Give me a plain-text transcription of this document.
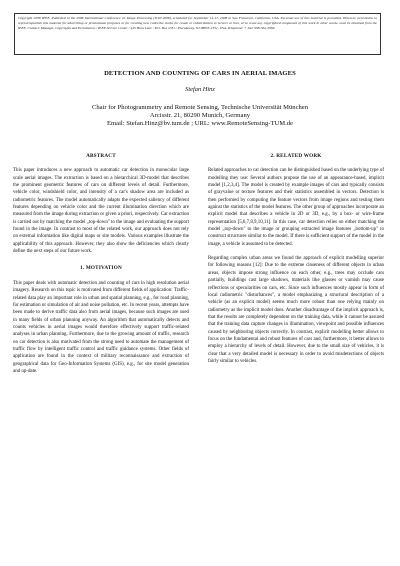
Copyright 2008 IEEE. Published in the 2008 International Conference on Image Processing (ICIP 2008), scheduled for September 14-17, 2008 in San Francisco, California, USA. Personal use of this material is permitted. However, permission to reprint/republish this material for advertising or promotional purposes or for creating new collective works for resale or redistribution to servers or lists, or to reuse any copyrighted component of this work in other works, must be obtained from the IEEE. Contact: Manager, Copyrights and Permissions / IEEE Service Center / 445 Hoes Lane / P.O. Box 1331 / Piscataway, NJ 08855-1331, USA. Telephone: + Intl. 908-562-3966.
DETECTION AND COUNTING OF CARS IN AERIAL IMAGES
Stefan Hinz
Chair for Photogrammetry and Remote Sensing, Technische Universität München
Arcisstr. 21, 80290 Munich, Germany
Email: Stefan.Hinz@bv.tum.de ; URL: www.RemoteSensing-TUM.de
ABSTRACT

This paper introduces a new approach to automatic car detection in monocular large scale aerial images. The extraction is based on a hierarchical 3D-model that describes the prominent geometric features of cars on different levels of detail. Furthermore, vehicle color, windshield color, and intensity of a car's shadow area are included as radiometric features. The model automatically adapts the expected saliency of different features depending on vehicle color and the current illumination direction which are measured from the image during extraction or given a priori, respectively. Car extraction is carried out by matching the model „top-down" to the image and evaluating the support found in the image. In contrast to most of the related work, our approach does not rely on external information like digital maps or site models. Various examples illustrate the applicability of this approach. However, they also show the deficiencies which clearly define the next steps of our future work.

1. MOTIVATION

This paper deals with automatic detection and counting of cars in high resolution aerial imagery. Research on this topic is motivated from different fields of application: Traffic-related data play an important role in urban and spatial planning, e.g., for road planning, for estimation or simulation of air and noise pollution, etc. In recent years, attempts have been made to derive traffic data also from aerial images, because such images are used in many fields of urban planning anyway. An algorithm that automatically detects and counts vehicles in aerial images would therefore effectively support traffic-related analyses in urban planning. Furthermore, due to the growing amount of traffic, research on car detection is also motivated from the strong need to automate the management of traffic flow by intelligent traffic control and traffic guidance systems. Other fields of application are found in the context of military reconnaissance and extraction of geographical data for Geo-Information Systems (GIS), e.g., for site model generation and up-date.

2. RELATED WORK

Related approaches to car detection can be distinguished based on the underlying type of modelling they use: Several authors propose the use of an appearance-based, implicit model [1,2,3,4]. The model is created by example images of cars and typically consists of grayvalue or texture features and their statistics assembled in vectors. Detection is then performed by computing the feature vectors from image regions and testing them against the statistics of the model features. The other group of approaches incorporate an explicit model that describes a vehicle in 2D or 3D, e.g., by a box- or wire-frame representation [5,6,7,8,9,10,11]. In this case, car detection relies on either matching the model „top-down" to the image or grouping extracted image features „bottom-up" to construct structures similar to the model. If there is sufficient support of the model in the image, a vehicle is assumed to be detected.

Regarding complex urban areas we found the approach of explicit modelling superior for following reasons [12]: Due to the extreme closeness of different objects in urban areas, objects impose strong influence on each other, e.g., trees may occlude cars partially, buildings cast large shadows, materials like glasses or varnish may cause reflections or specularities on cars, etc. Since such influences mostly appear in form of local radiometric "disturbances", a model emphasizing a structural description of a vehicle (as an explicit model) seems much more robust than one relying mainly on radiometry as the implicit model does. Another disadvantage of the implicit approach is, that the results are completely dependent on the training data, while it cannot be assured that the training data capture changes in illumination, viewpoint and possible influences caused by neighboring objects correctly. In contrast, explicit modelling better allows to focus on the fundamental and robust features of cars and, furthermore, it better allows to employ a hierarchy of levels of detail. However, due to the small size of vehicles, it is clear that a very detailed model is necessary in order to avoid misdetections of objects fairly similar to vehicles.
